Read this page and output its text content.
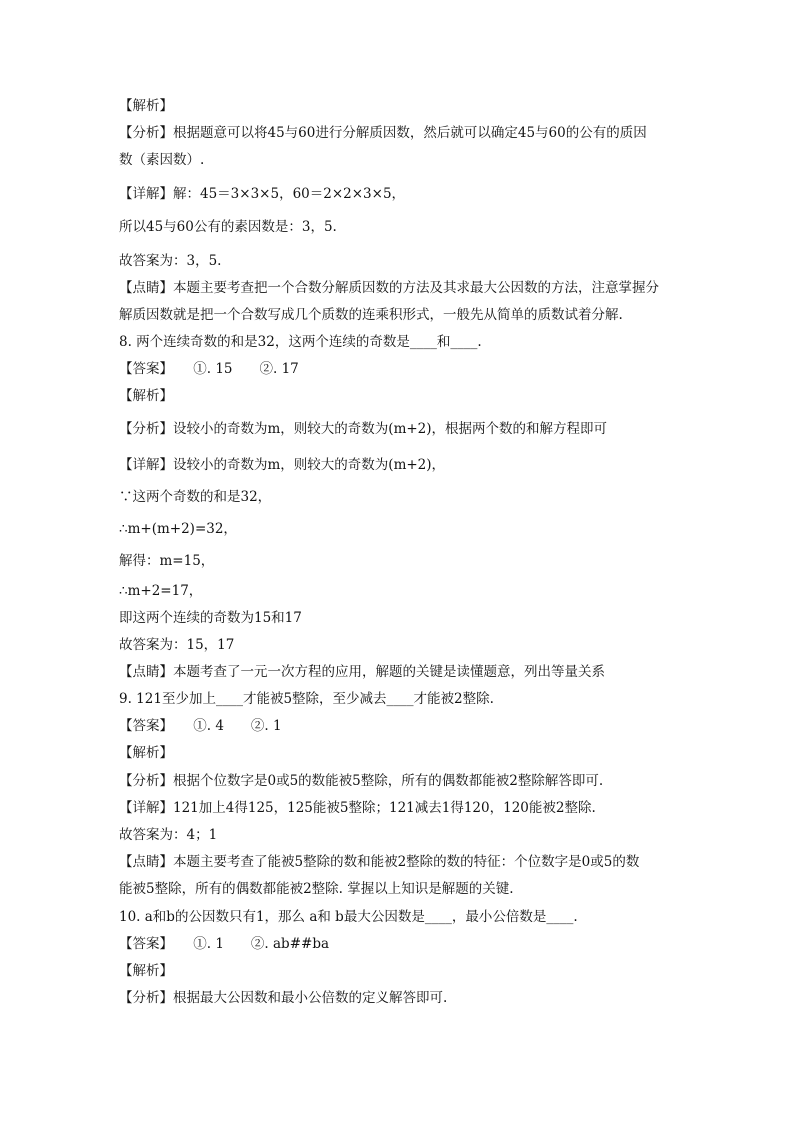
【解析】
【分析】根据题意可以将45与60进行分解质因数，然后就可以确定45与60的公有的质因
数（素因数）.
【详解】解：45＝3×3×5，60＝2×2×3×5，
所以45与60公有的素因数是：3，5.
故答案为：3，5.
【点睛】本题主要考查把一个合数分解质因数的方法及其求最大公因数的方法，注意掌握分
解质因数就是把一个合数写成几个质数的连乘积形式，一般先从简单的质数试着分解.
8. 两个连续奇数的和是32，这两个连续的奇数是____和____.
【答案】　　①. 15　　②. 17
【解析】
【分析】设较小的奇数为m，则较大的奇数为(m+2)，根据两个数的和解方程即可
【详解】设较小的奇数为m，则较大的奇数为(m+2)，
∵这两个奇数的和是32，
∴m+(m+2)=32，
解得：m=15，
∴m+2=17，
即这两个连续的奇数为15和17
故答案为：15，17
【点睛】本题考查了一元一次方程的应用，解题的关键是读懂题意，列出等量关系
9. 121至少加上____才能被5整除，至少减去____才能被2整除.
【答案】　　①. 4　　②. 1
【解析】
【分析】根据个位数字是0或5的数能被5整除，所有的偶数都能被2整除解答即可.
【详解】121加上4得125，125能被5整除；121减去1得120，120能被2整除.
故答案为：4；1
【点睛】本题主要考查了能被5整除的数和能被2整除的数的特征：个位数字是0或5的数
能被5整除，所有的偶数都能被2整除. 掌握以上知识是解题的关键.
10. a和b的公因数只有1，那么 a和 b最大公因数是____，最小公倍数是____.
【答案】　　①. 1　　②. ab##ba
【解析】
【分析】根据最大公因数和最小公倍数的定义解答即可.
